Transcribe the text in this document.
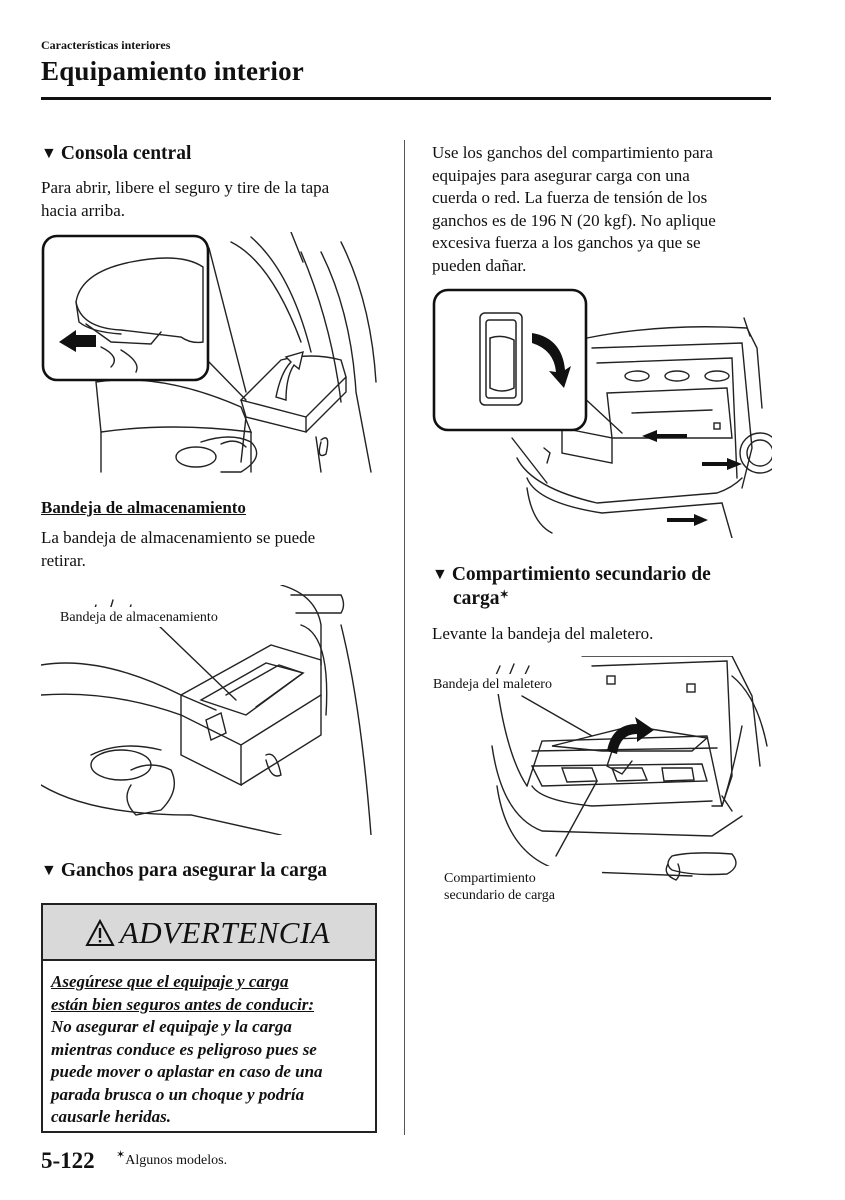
Características interiores
Equipamiento interior
▼ Consola central
Para abrir, libere el seguro y tire de la tapa
hacia arriba.
Bandeja de almacenamiento
La bandeja de almacenamiento se puede
retirar.
Bandeja de almacenamiento
▼ Ganchos para asegurar la carga
ADVERTENCIA
Asegúrese que el equipaje y carga
están bien seguros antes de conducir:
No asegurar el equipaje y la carga
mientras conduce es peligroso pues se
puede mover o aplastar en caso de una
parada brusca o un choque y podría
causarle heridas.
Use los ganchos del compartimiento para
equipajes para asegurar carga con una
cuerda o red. La fuerza de tensión de los
ganchos es de 196 N (20 kgf). No aplique
excesiva fuerza a los ganchos ya que se
pueden dañar.
▼ Compartimiento secundario de
carga✶
Levante la bandeja del maletero.
Bandeja del maletero
Compartimiento
secundario de carga
5-122 ✶Algunos modelos.
